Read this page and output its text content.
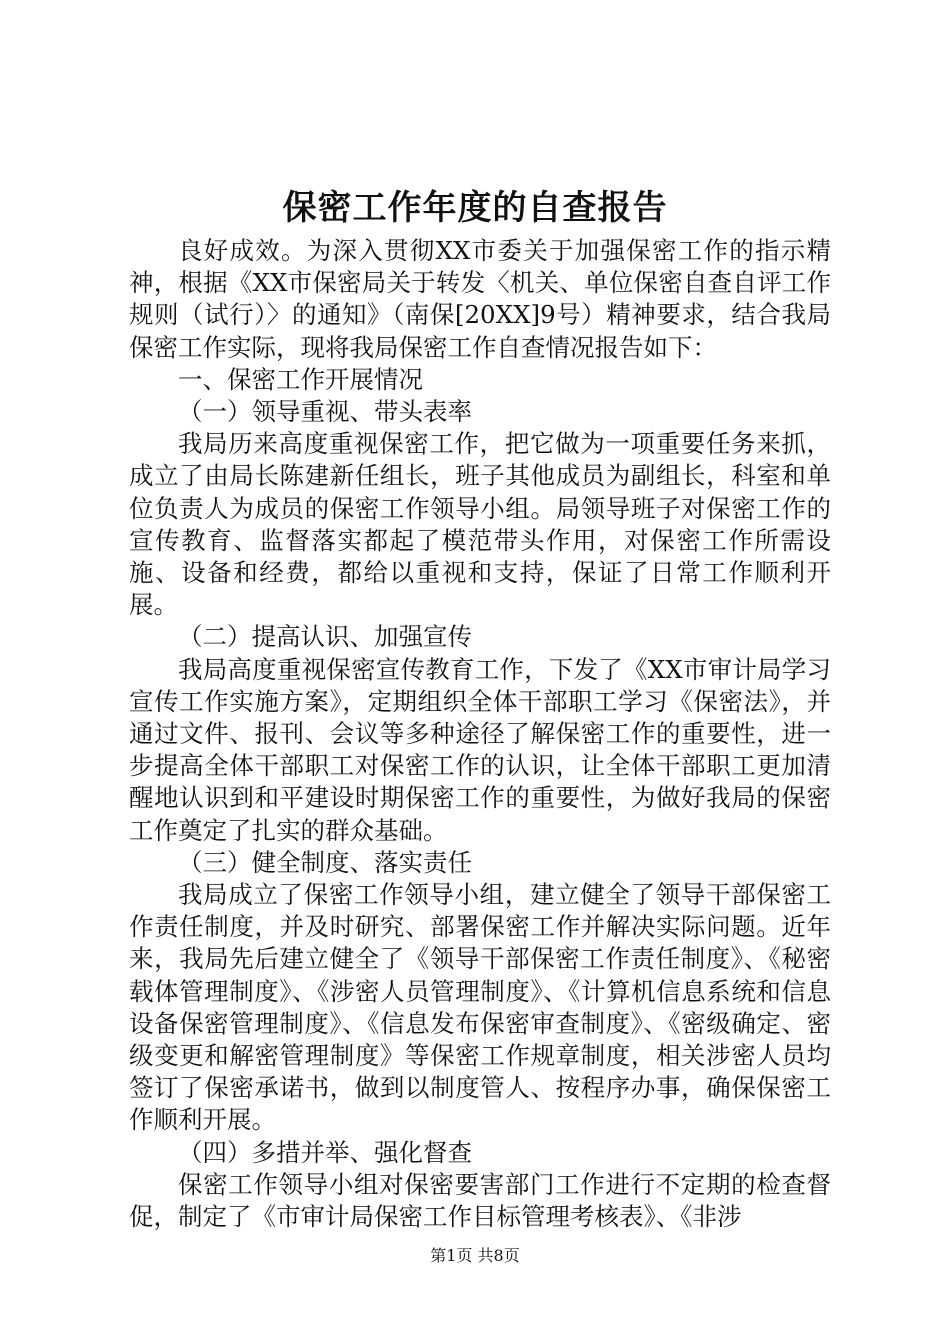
保密工作年度的自查报告

良好成效。为深入贯彻XX市委关于加强保密工作的指示精神，根据《XX市保密局关于转发〈机关、单位保密自查自评工作规则（试行）〉的通知》（南保[20XX]9号）精神要求，结合我局保密工作实际，现将我局保密工作自查情况报告如下：

一、保密工作开展情况

（一）领导重视、带头表率

我局历来高度重视保密工作，把它做为一项重要任务来抓，成立了由局长陈建新任组长，班子其他成员为副组长，科室和单位负责人为成员的保密工作领导小组。局领导班子对保密工作的宣传教育、监督落实都起了模范带头作用，对保密工作所需设施、设备和经费，都给以重视和支持，保证了日常工作顺利开展。

（二）提高认识、加强宣传

我局高度重视保密宣传教育工作，下发了《XX市审计局学习宣传工作实施方案》，定期组织全体干部职工学习《保密法》，并通过文件、报刊、会议等多种途径了解保密工作的重要性，进一步提高全体干部职工对保密工作的认识，让全体干部职工更加清醒地认识到和平建设时期保密工作的重要性，为做好我局的保密工作奠定了扎实的群众基础。

（三）健全制度、落实责任

我局成立了保密工作领导小组，建立健全了领导干部保密工作责任制度，并及时研究、部署保密工作并解决实际问题。近年来，我局先后建立健全了《领导干部保密工作责任制度》、《秘密载体管理制度》、《涉密人员管理制度》、《计算机信息系统和信息设备保密管理制度》、《信息发布保密审查制度》、《密级确定、密级变更和解密管理制度》等保密工作规章制度，相关涉密人员均签订了保密承诺书，做到以制度管人、按程序办事，确保保密工作顺利开展。

（四）多措并举、强化督查

保密工作领导小组对保密要害部门工作进行不定期的检查督促，制定了《市审计局保密工作目标管理考核表》、《非涉

第1页 共8页
